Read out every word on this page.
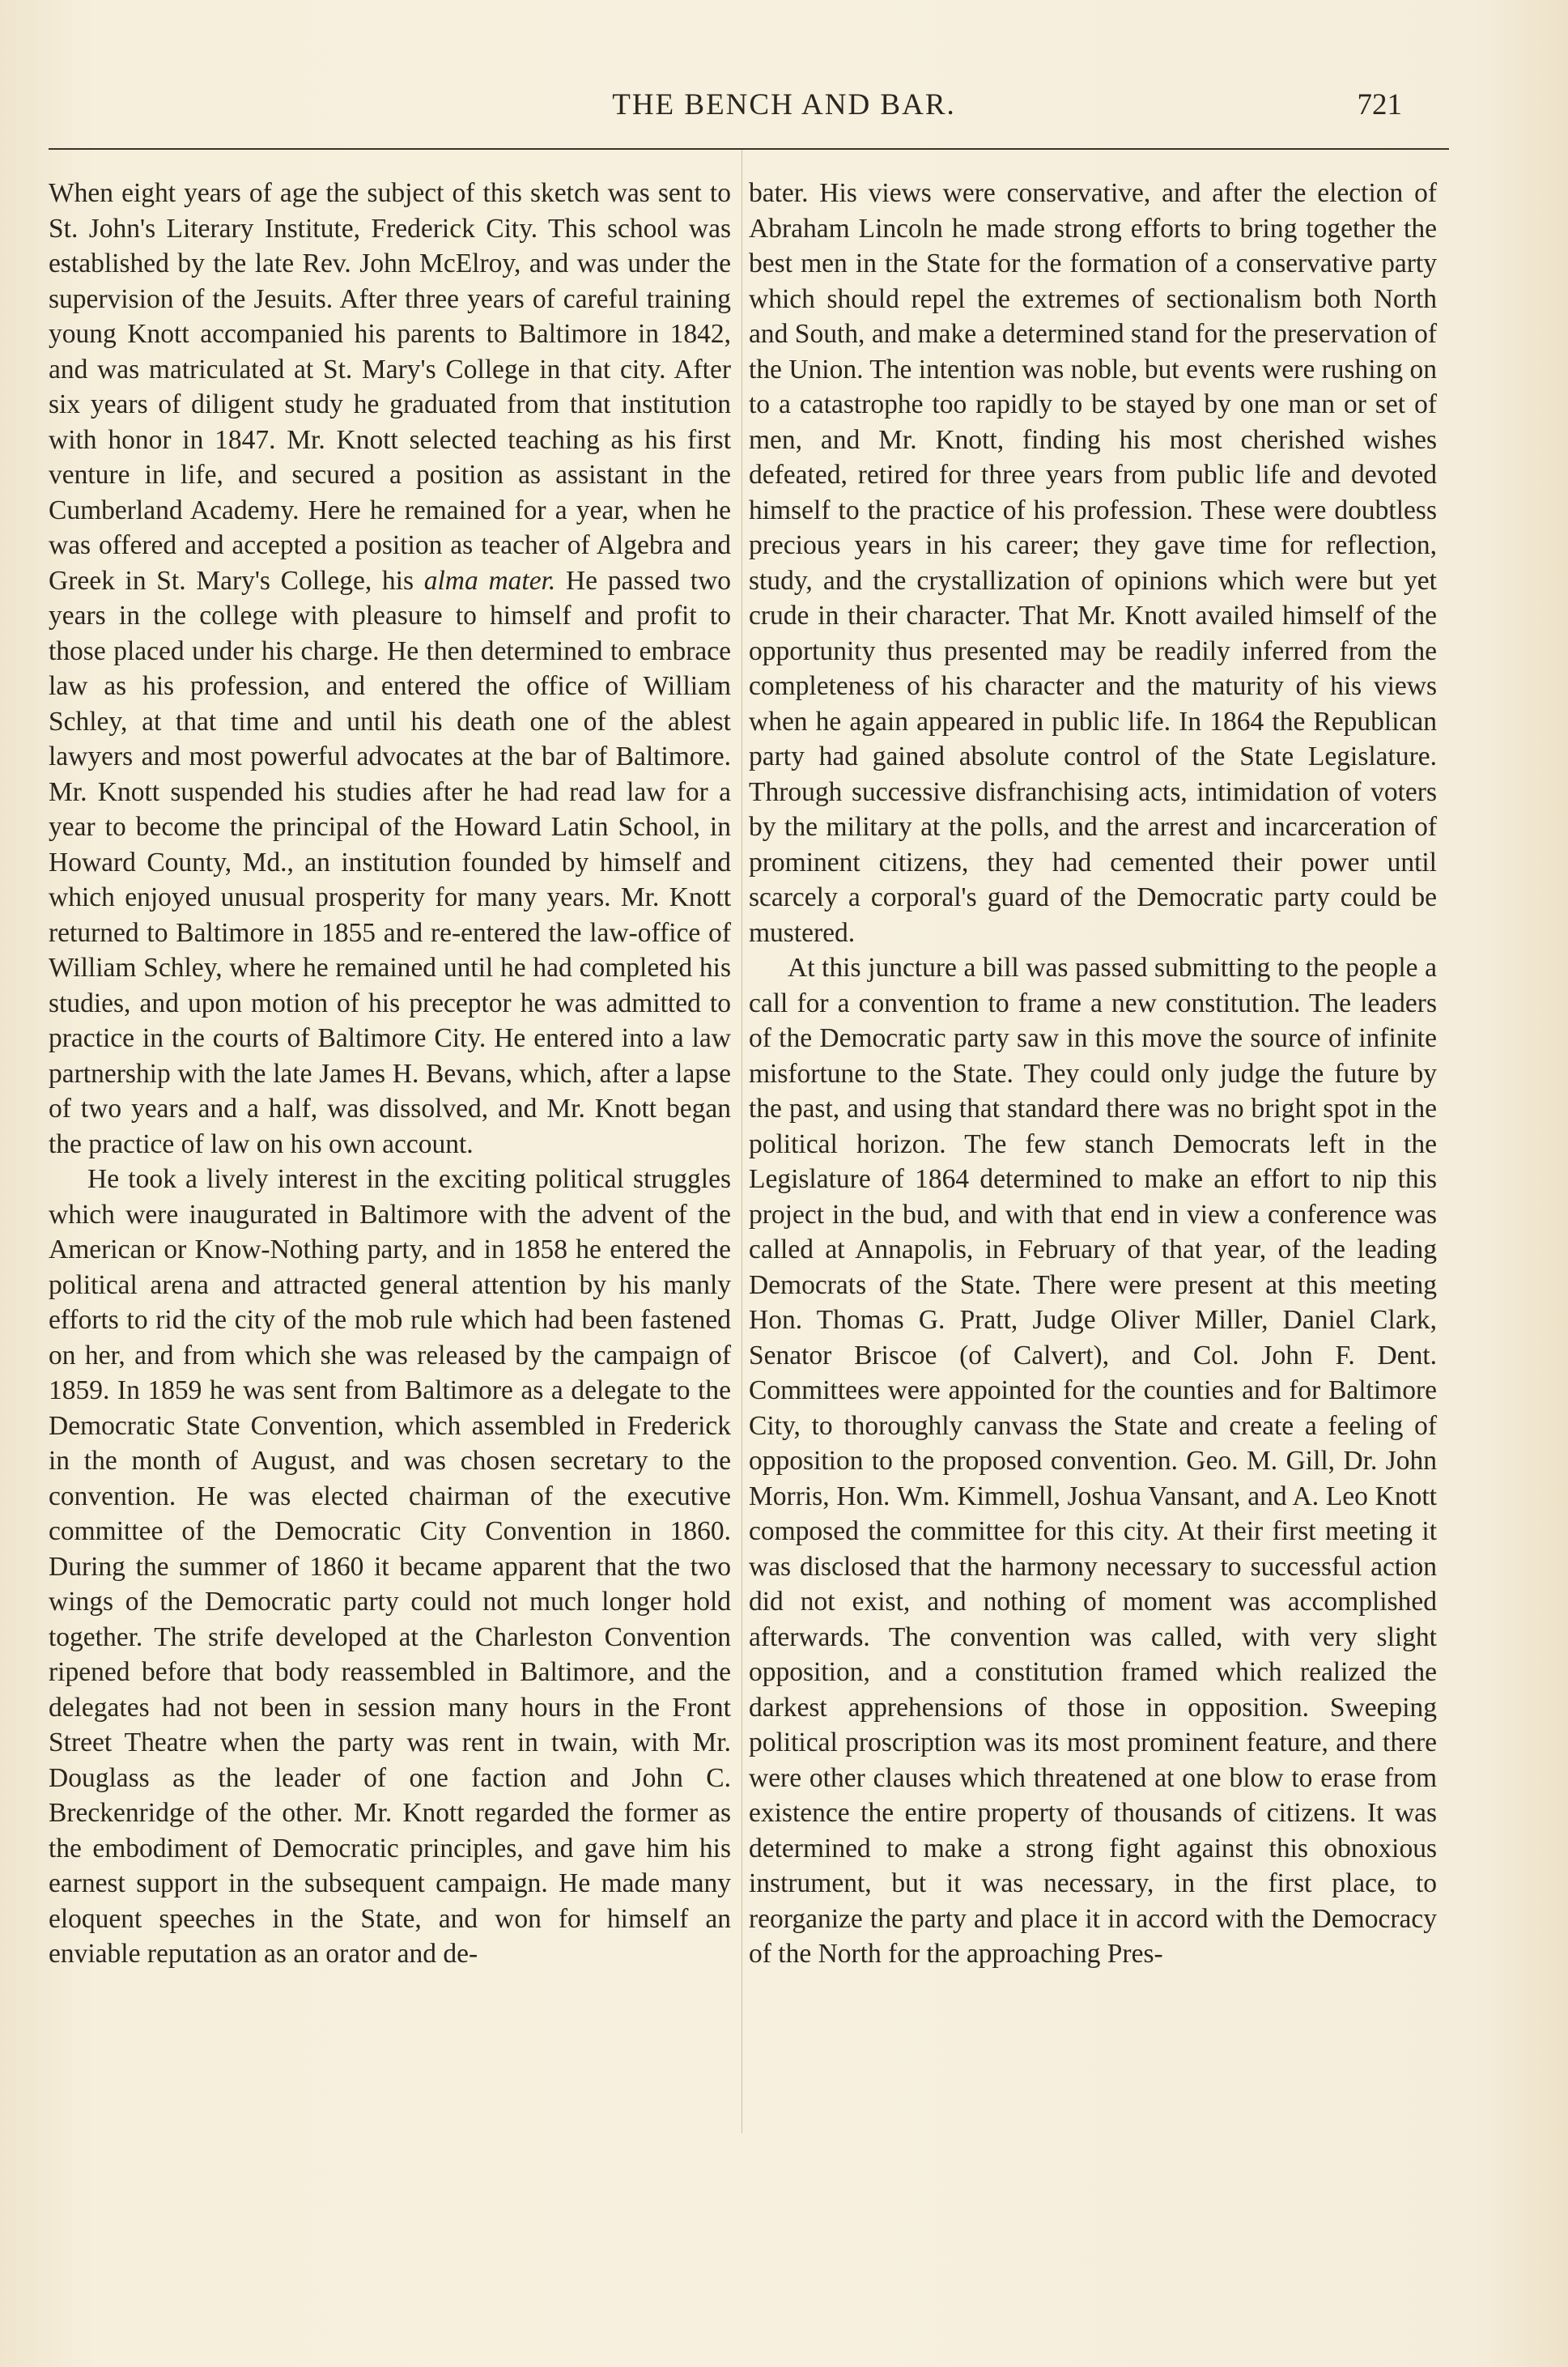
THE BENCH AND BAR.	721

When eight years of age the subject of this sketch was sent to St. John's Literary Institute, Frederick City. This school was established by the late Rev. John McElroy, and was under the supervision of the Jesuits. After three years of careful training young Knott accompanied his parents to Baltimore in 1842, and was matriculated at St. Mary's College in that city. After six years of diligent study he graduated from that institution with honor in 1847. Mr. Knott selected teaching as his first venture in life, and secured a position as assistant in the Cumberland Academy. Here he remained for a year, when he was offered and accepted a position as teacher of Algebra and Greek in St. Mary's College, his alma mater. He passed two years in the college with pleasure to himself and profit to those placed under his charge. He then determined to embrace law as his profession, and entered the office of William Schley, at that time and until his death one of the ablest lawyers and most powerful advocates at the bar of Baltimore. Mr. Knott suspended his studies after he had read law for a year to become the principal of the Howard Latin School, in Howard County, Md., an institution founded by himself and which enjoyed unusual prosperity for many years. Mr. Knott returned to Baltimore in 1855 and re-entered the law-office of William Schley, where he remained until he had completed his studies, and upon motion of his preceptor he was admitted to practice in the courts of Baltimore City. He entered into a law partnership with the late James H. Bevans, which, after a lapse of two years and a half, was dissolved, and Mr. Knott began the practice of law on his own account.

He took a lively interest in the exciting political struggles which were inaugurated in Baltimore with the advent of the American or Know-Nothing party, and in 1858 he entered the political arena and attracted general attention by his manly efforts to rid the city of the mob rule which had been fastened on her, and from which she was released by the campaign of 1859. In 1859 he was sent from Baltimore as a delegate to the Democratic State Convention, which assembled in Frederick in the month of August, and was chosen secretary to the convention. He was elected chairman of the executive committee of the Democratic City Convention in 1860. During the summer of 1860 it became apparent that the two wings of the Democratic party could not much longer hold together. The strife developed at the Charleston Convention ripened before that body reassembled in Baltimore, and the delegates had not been in session many hours in the Front Street Theatre when the party was rent in twain, with Mr. Douglass as the leader of one faction and John C. Breckenridge of the other. Mr. Knott regarded the former as the embodiment of Democratic principles, and gave him his earnest support in the subsequent campaign. He made many eloquent speeches in the State, and won for himself an enviable reputation as an orator and de-

bater. His views were conservative, and after the election of Abraham Lincoln he made strong efforts to bring together the best men in the State for the formation of a conservative party which should repel the extremes of sectionalism both North and South, and make a determined stand for the preservation of the Union. The intention was noble, but events were rushing on to a catastrophe too rapidly to be stayed by one man or set of men, and Mr. Knott, finding his most cherished wishes defeated, retired for three years from public life and devoted himself to the practice of his profession. These were doubtless precious years in his career; they gave time for reflection, study, and the crystallization of opinions which were but yet crude in their character. That Mr. Knott availed himself of the opportunity thus presented may be readily inferred from the completeness of his character and the maturity of his views when he again appeared in public life. In 1864 the Republican party had gained absolute control of the State Legislature. Through successive disfranchising acts, intimidation of voters by the military at the polls, and the arrest and incarceration of prominent citizens, they had cemented their power until scarcely a corporal's guard of the Democratic party could be mustered.

At this juncture a bill was passed submitting to the people a call for a convention to frame a new constitution. The leaders of the Democratic party saw in this move the source of infinite misfortune to the State. They could only judge the future by the past, and using that standard there was no bright spot in the political horizon. The few stanch Democrats left in the Legislature of 1864 determined to make an effort to nip this project in the bud, and with that end in view a conference was called at Annapolis, in February of that year, of the leading Democrats of the State. There were present at this meeting Hon. Thomas G. Pratt, Judge Oliver Miller, Daniel Clark, Senator Briscoe (of Calvert), and Col. John F. Dent. Committees were appointed for the counties and for Baltimore City, to thoroughly canvass the State and create a feeling of opposition to the proposed convention. Geo. M. Gill, Dr. John Morris, Hon. Wm. Kimmell, Joshua Vansant, and A. Leo Knott composed the committee for this city. At their first meeting it was disclosed that the harmony necessary to successful action did not exist, and nothing of moment was accomplished afterwards. The convention was called, with very slight opposition, and a constitution framed which realized the darkest apprehensions of those in opposition. Sweeping political proscription was its most prominent feature, and there were other clauses which threatened at one blow to erase from existence the entire property of thousands of citizens. It was determined to make a strong fight against this obnoxious instrument, but it was necessary, in the first place, to reorganize the party and place it in accord with the Democracy of the North for the approaching Pres-
